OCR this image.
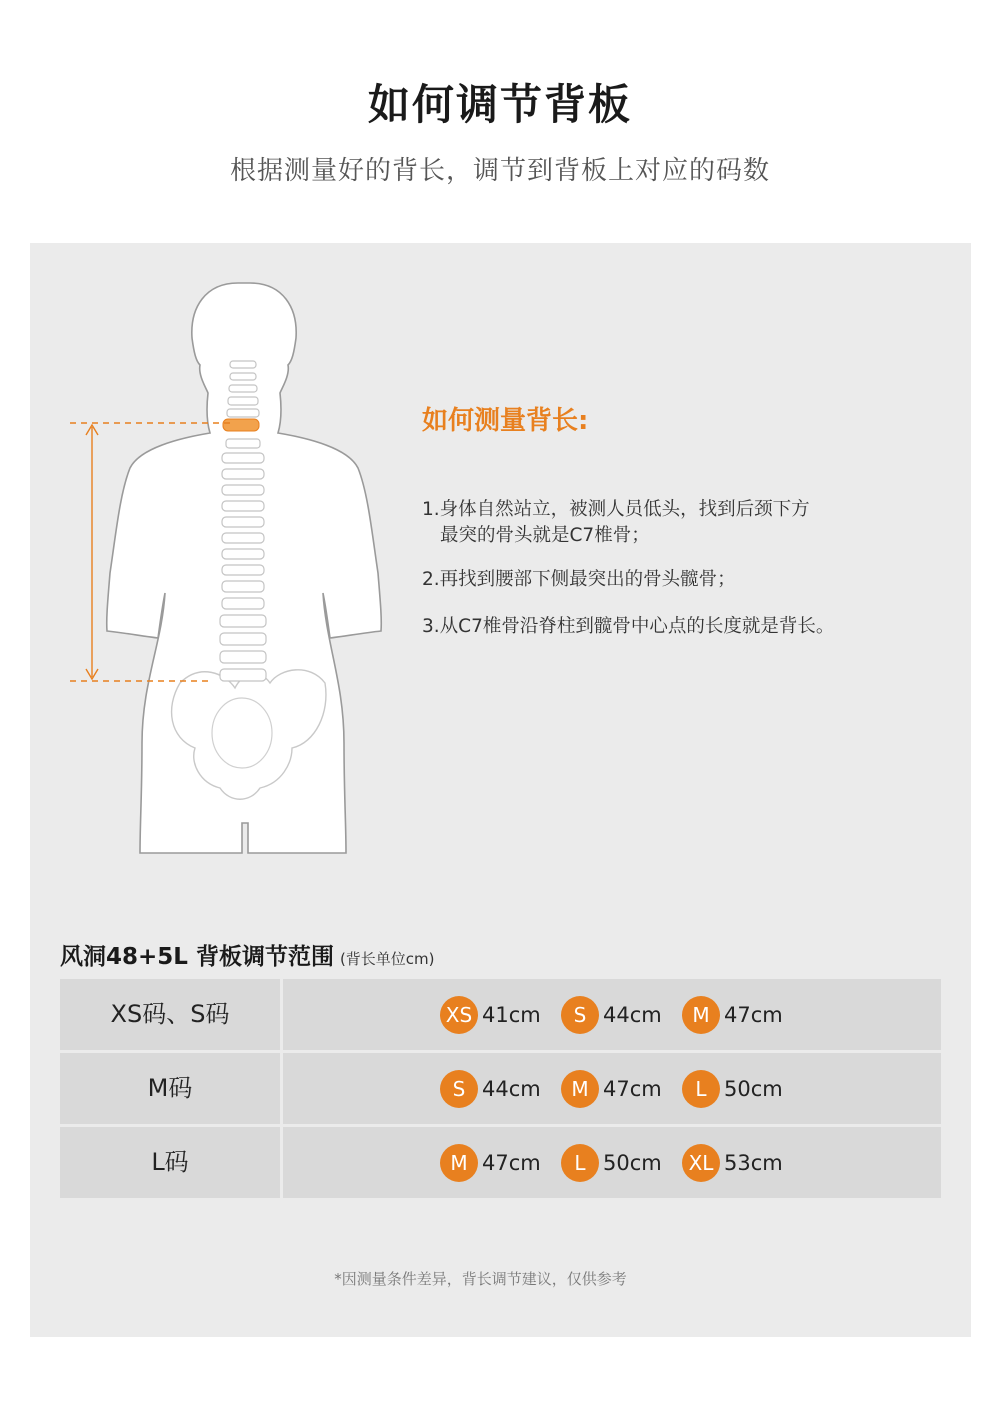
如何调节背板
根据测量好的背长，调节到背板上对应的码数
如何测量背长:
1.身体自然站立，被测人员低头，找到后颈下方
最突的骨头就是C7椎骨；
2.再找到腰部下侧最突出的骨头髋骨；
3.从C7椎骨沿脊柱到髋骨中心点的长度就是背长。
风洞48+5L 背板调节范围 (背长单位cm)
XS码、S码	XS 41cm	S 44cm	M 47cm
M码	S 44cm	M 47cm	L 50cm
L码	M 47cm	L 50cm	XL 53cm
*因测量条件差异，背长调节建议，仅供参考
